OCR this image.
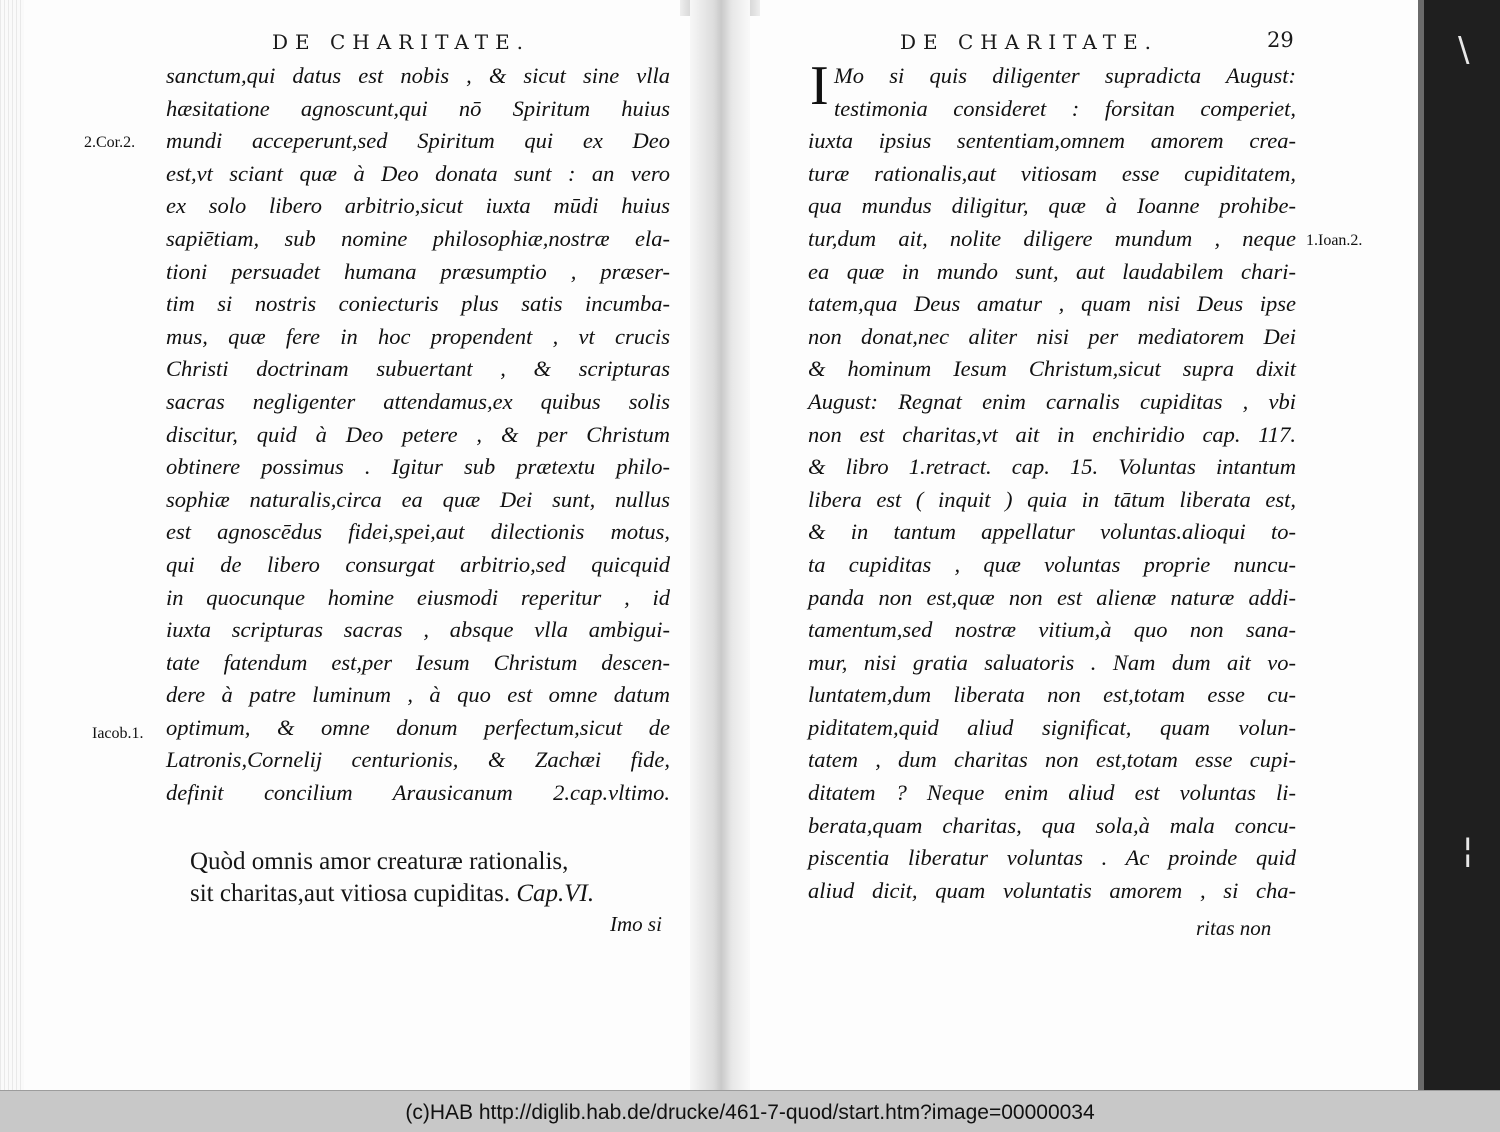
\
¦
DE CHARITATE.
2.Cor.2.
Iacob.1.
sanctum,qui datus est nobis , & sicut sine vlla
hæsitatione agnoscunt,qui nō Spiritum huius
mundi acceperunt,sed Spiritum qui ex Deo
est,vt sciant quæ à Deo donata sunt : an vero
ex solo libero arbitrio,sicut iuxta mūdi huius
sapiētiam, sub nomine philosophiæ,nostræ ela-
tioni persuadet humana præsumptio , præser-
tim si nostris coniecturis plus satis incumba-
mus, quæ fere in hoc propendent , vt crucis
Christi doctrinam subuertant , & scripturas
sacras negligenter attendamus,ex quibus solis
discitur, quid à Deo petere , & per Christum
obtinere possimus . Igitur sub prætextu philo-
sophiæ naturalis,circa ea quæ Dei sunt, nullus
est agnoscēdus fidei,spei,aut dilectionis motus,
qui de libero consurgat arbitrio,sed quicquid
in quocunque homine eiusmodi reperitur , id
iuxta scripturas sacras , absque vlla ambigui-
tate fatendum est,per Iesum Christum descen-
dere à patre luminum , à quo est omne datum
optimum, & omne donum perfectum,sicut de
Latronis,Cornelij centurionis, & Zachæi fide,
definit concilium Arausicanum 2.cap.vltimo.
Quòd omnis amor creaturæ rationalis,
sit charitas,aut vitiosa cupiditas. Cap.VI.
Imo si
DE CHARITATE.	29
I
1.Ioan.2.
Mo si quis diligenter supradicta August:
testimonia consideret : forsitan comperiet,
iuxta ipsius sententiam,omnem amorem crea-
turæ rationalis,aut vitiosam esse cupiditatem,
qua mundus diligitur, quæ à Ioanne prohibe-
tur,dum ait, nolite diligere mundum , neque
ea quæ in mundo sunt, aut laudabilem chari-
tatem,qua Deus amatur , quam nisi Deus ipse
non donat,nec aliter nisi per mediatorem Dei
& hominum Iesum Christum,sicut supra dixit
August: Regnat enim carnalis cupiditas , vbi
non est charitas,vt ait in enchiridio cap. 117.
& libro 1.retract. cap. 15. Voluntas intantum
libera est ( inquit ) quia in tātum liberata est,
& in tantum appellatur voluntas.alioqui to-
ta cupiditas , quæ voluntas proprie nuncu-
panda non est,quæ non est alienæ naturæ addi-
tamentum,sed nostræ vitium,à quo non sana-
mur, nisi gratia saluatoris . Nam dum ait vo-
luntatem,dum liberata non est,totam esse cu-
piditatem,quid aliud significat, quam volun-
tatem , dum charitas non est,totam esse cupi-
ditatem ? Neque enim aliud est voluntas li-
berata,quam charitas, qua sola,à mala concu-
piscentia liberatur voluntas . Ac proinde quid
aliud dicit, quam voluntatis amorem , si cha-
ritas non
(c)HAB http://diglib.hab.de/drucke/461-7-quod/start.htm?image=00000034
